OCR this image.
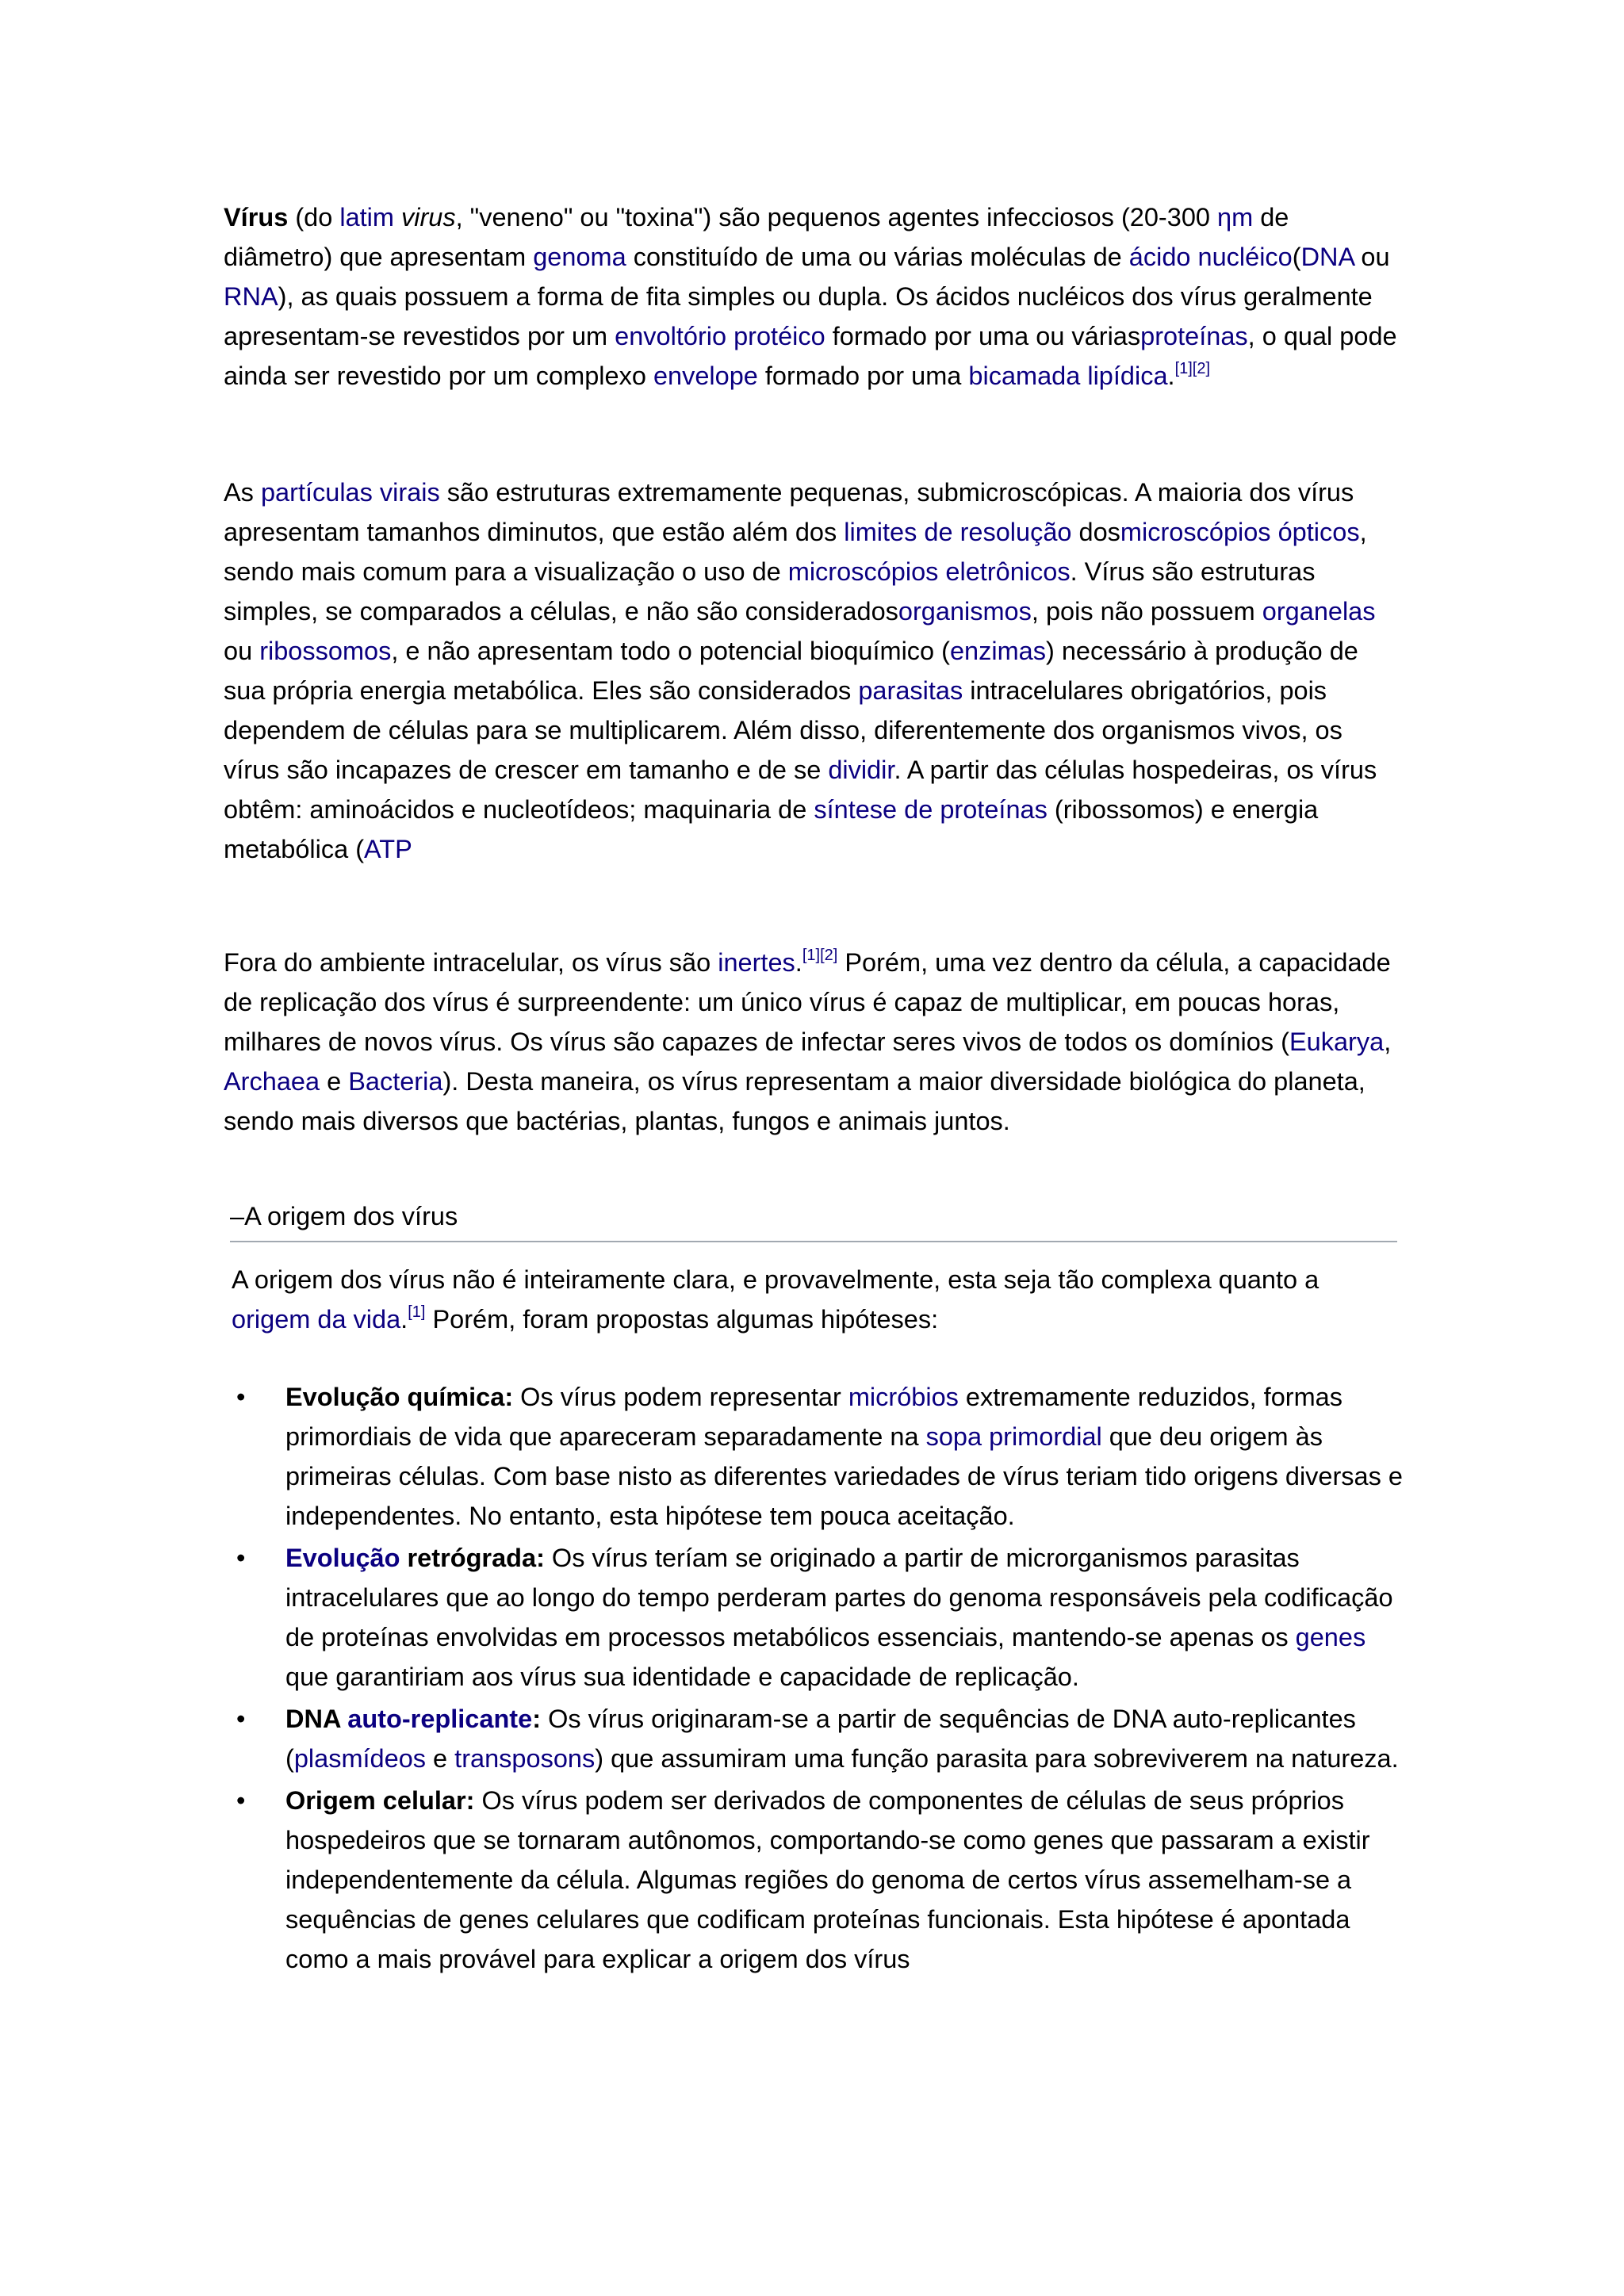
Vírus (do latim virus, "veneno" ou "toxina") são pequenos agentes infecciosos (20-300 ηm de diâmetro) que apresentam genoma constituído de uma ou várias moléculas de ácido nucléico(DNA ou RNA), as quais possuem a forma de fita simples ou dupla. Os ácidos nucléicos dos vírus geralmente apresentam-se revestidos por um envoltório protéico formado por uma ou váriasproteínas, o qual pode ainda ser revestido por um complexo envelope formado por uma bicamada lipídica.[1][2]

As partículas virais são estruturas extremamente pequenas, submicroscópicas. A maioria dos vírus apresentam tamanhos diminutos, que estão além dos limites de resolução dosmicroscópios ópticos, sendo mais comum para a visualização o uso de microscópios eletrônicos. Vírus são estruturas simples, se comparados a células, e não são consideradosorganismos, pois não possuem organelas ou ribossomos, e não apresentam todo o potencial bioquímico (enzimas) necessário à produção de sua própria energia metabólica. Eles são considerados parasitas intracelulares obrigatórios, pois dependem de células para se multiplicarem. Além disso, diferentemente dos organismos vivos, os vírus são incapazes de crescer em tamanho e de se dividir. A partir das células hospedeiras, os vírus obtêm: aminoácidos e nucleotídeos; maquinaria de síntese de proteínas (ribossomos) e energia metabólica (ATP

Fora do ambiente intracelular, os vírus são inertes.[1][2] Porém, uma vez dentro da célula, a capacidade de replicação dos vírus é surpreendente: um único vírus é capaz de multiplicar, em poucas horas, milhares de novos vírus. Os vírus são capazes de infectar seres vivos de todos os domínios (Eukarya, Archaea e Bacteria). Desta maneira, os vírus representam a maior diversidade biológica do planeta, sendo mais diversos que bactérias, plantas, fungos e animais juntos.

–A origem dos vírus

A origem dos vírus não é inteiramente clara, e provavelmente, esta seja tão complexa quanto a origem da vida.[1] Porém, foram propostas algumas hipóteses:

• Evolução química: Os vírus podem representar micróbios extremamente reduzidos, formas primordiais de vida que apareceram separadamente na sopa primordial que deu origem às primeiras células. Com base nisto as diferentes variedades de vírus teriam tido origens diversas e independentes. No entanto, esta hipótese tem pouca aceitação.
• Evolução retrógrada: Os vírus teríam se originado a partir de microrganismos parasitas intracelulares que ao longo do tempo perderam partes do genoma responsáveis pela codificação de proteínas envolvidas em processos metabólicos essenciais, mantendo-se apenas os genes que garantiriam aos vírus sua identidade e capacidade de replicação.
• DNA auto-replicante: Os vírus originaram-se a partir de sequências de DNA auto-replicantes (plasmídeos e transposons) que assumiram uma função parasita para sobreviverem na natureza.
• Origem celular: Os vírus podem ser derivados de componentes de células de seus próprios hospedeiros que se tornaram autônomos, comportando-se como genes que passaram a existir independentemente da célula. Algumas regiões do genoma de certos vírus assemelham-se a sequências de genes celulares que codificam proteínas funcionais. Esta hipótese é apontada como a mais provável para explicar a origem dos vírus
